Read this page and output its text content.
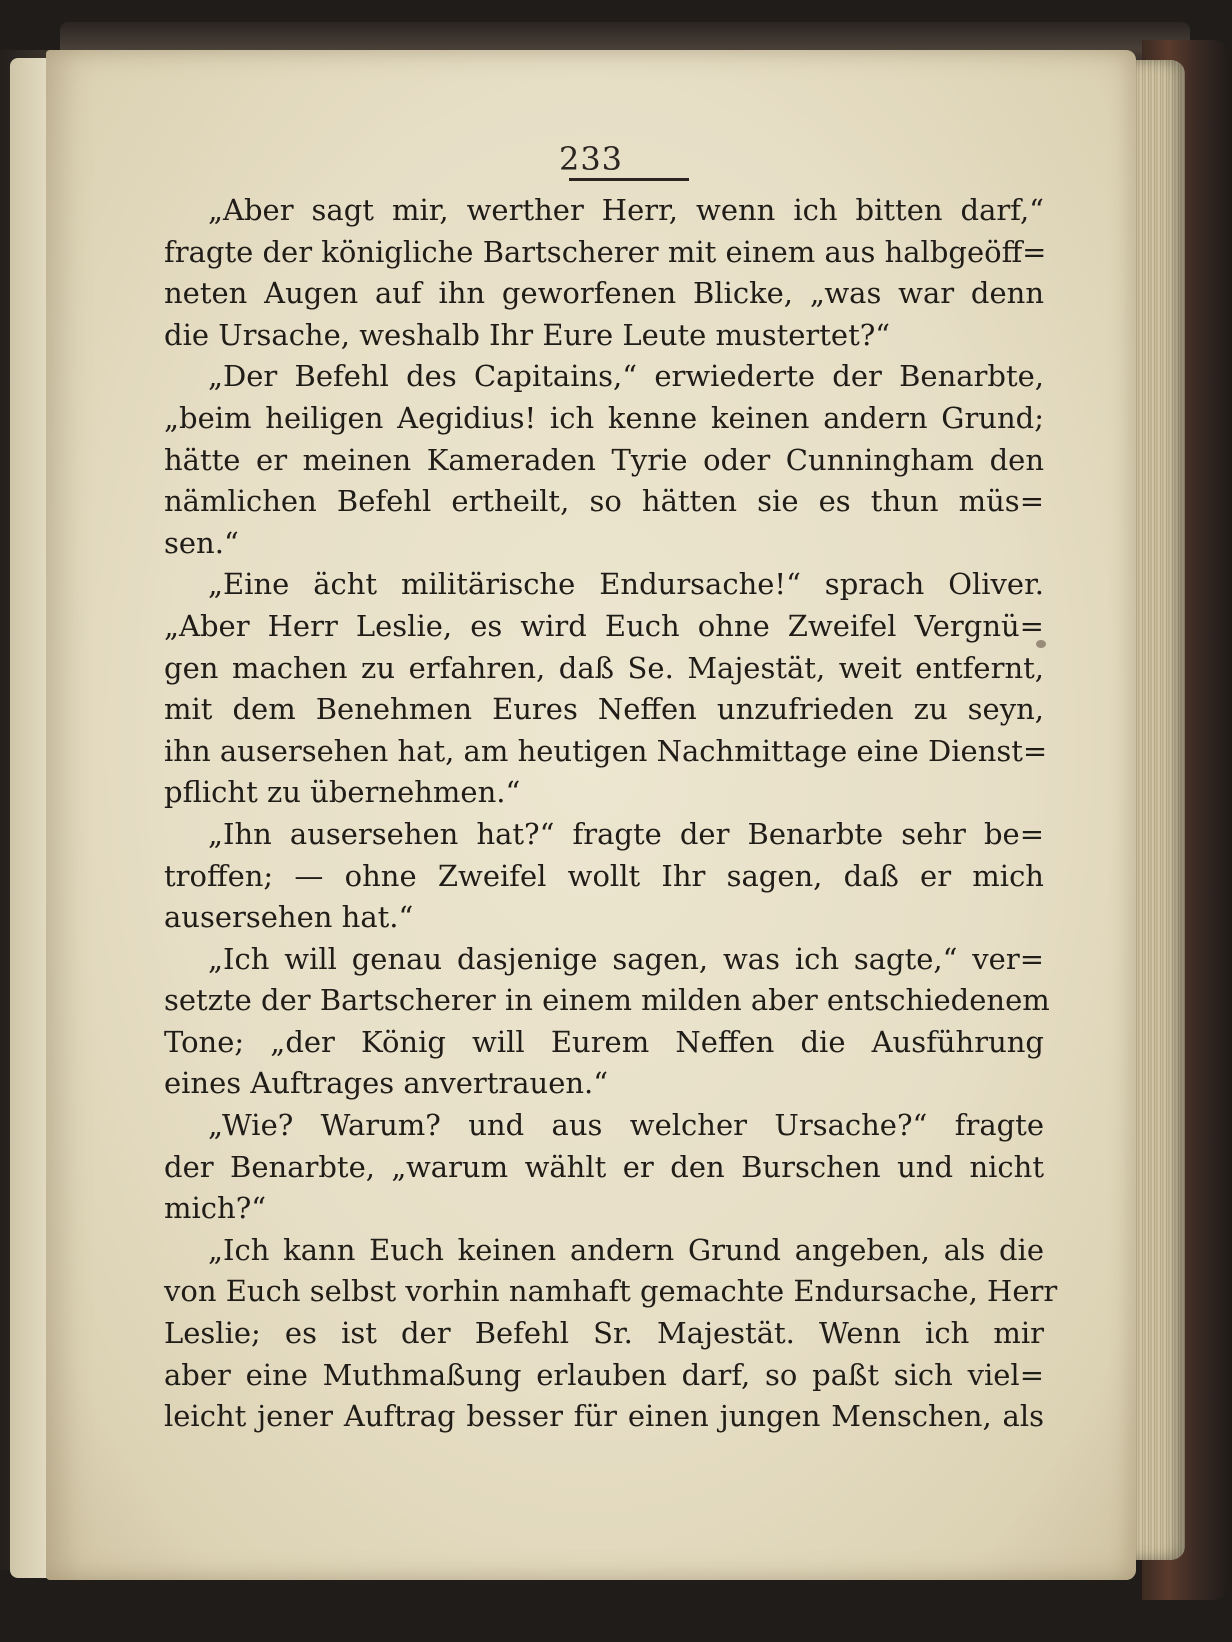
233
„Aber sagt mir, werther Herr, wenn ich bitten darf,“
fragte der königliche Bartscherer mit einem aus halbgeöff=
neten Augen auf ihn geworfenen Blicke, „was war denn
die Ursache, weshalb Ihr Eure Leute mustertet?“
„Der Befehl des Capitains,“ erwiederte der Benarbte,
„beim heiligen Aegidius! ich kenne keinen andern Grund;
hätte er meinen Kameraden Tyrie oder Cunningham den
nämlichen Befehl ertheilt, so hätten sie es thun müs=
sen.“
„Eine ächt militärische Endursache!“ sprach Oliver.
„Aber Herr Leslie, es wird Euch ohne Zweifel Vergnü=
gen machen zu erfahren, daß Se. Majestät, weit entfernt,
mit dem Benehmen Eures Neffen unzufrieden zu seyn,
ihn ausersehen hat, am heutigen Nachmittage eine Dienst=
pflicht zu übernehmen.“
„Ihn ausersehen hat?“ fragte der Benarbte sehr be=
troffen; — ohne Zweifel wollt Ihr sagen, daß er mich
ausersehen hat.“
„Ich will genau dasjenige sagen, was ich sagte,“ ver=
setzte der Bartscherer in einem milden aber entschiedenem
Tone; „der König will Eurem Neffen die Ausführung
eines Auftrages anvertrauen.“
„Wie? Warum? und aus welcher Ursache?“ fragte
der Benarbte, „warum wählt er den Burschen und nicht
mich?“
„Ich kann Euch keinen andern Grund angeben, als die
von Euch selbst vorhin namhaft gemachte Endursache, Herr
Leslie; es ist der Befehl Sr. Majestät. Wenn ich mir
aber eine Muthmaßung erlauben darf, so paßt sich viel=
leicht jener Auftrag besser für einen jungen Menschen, als
